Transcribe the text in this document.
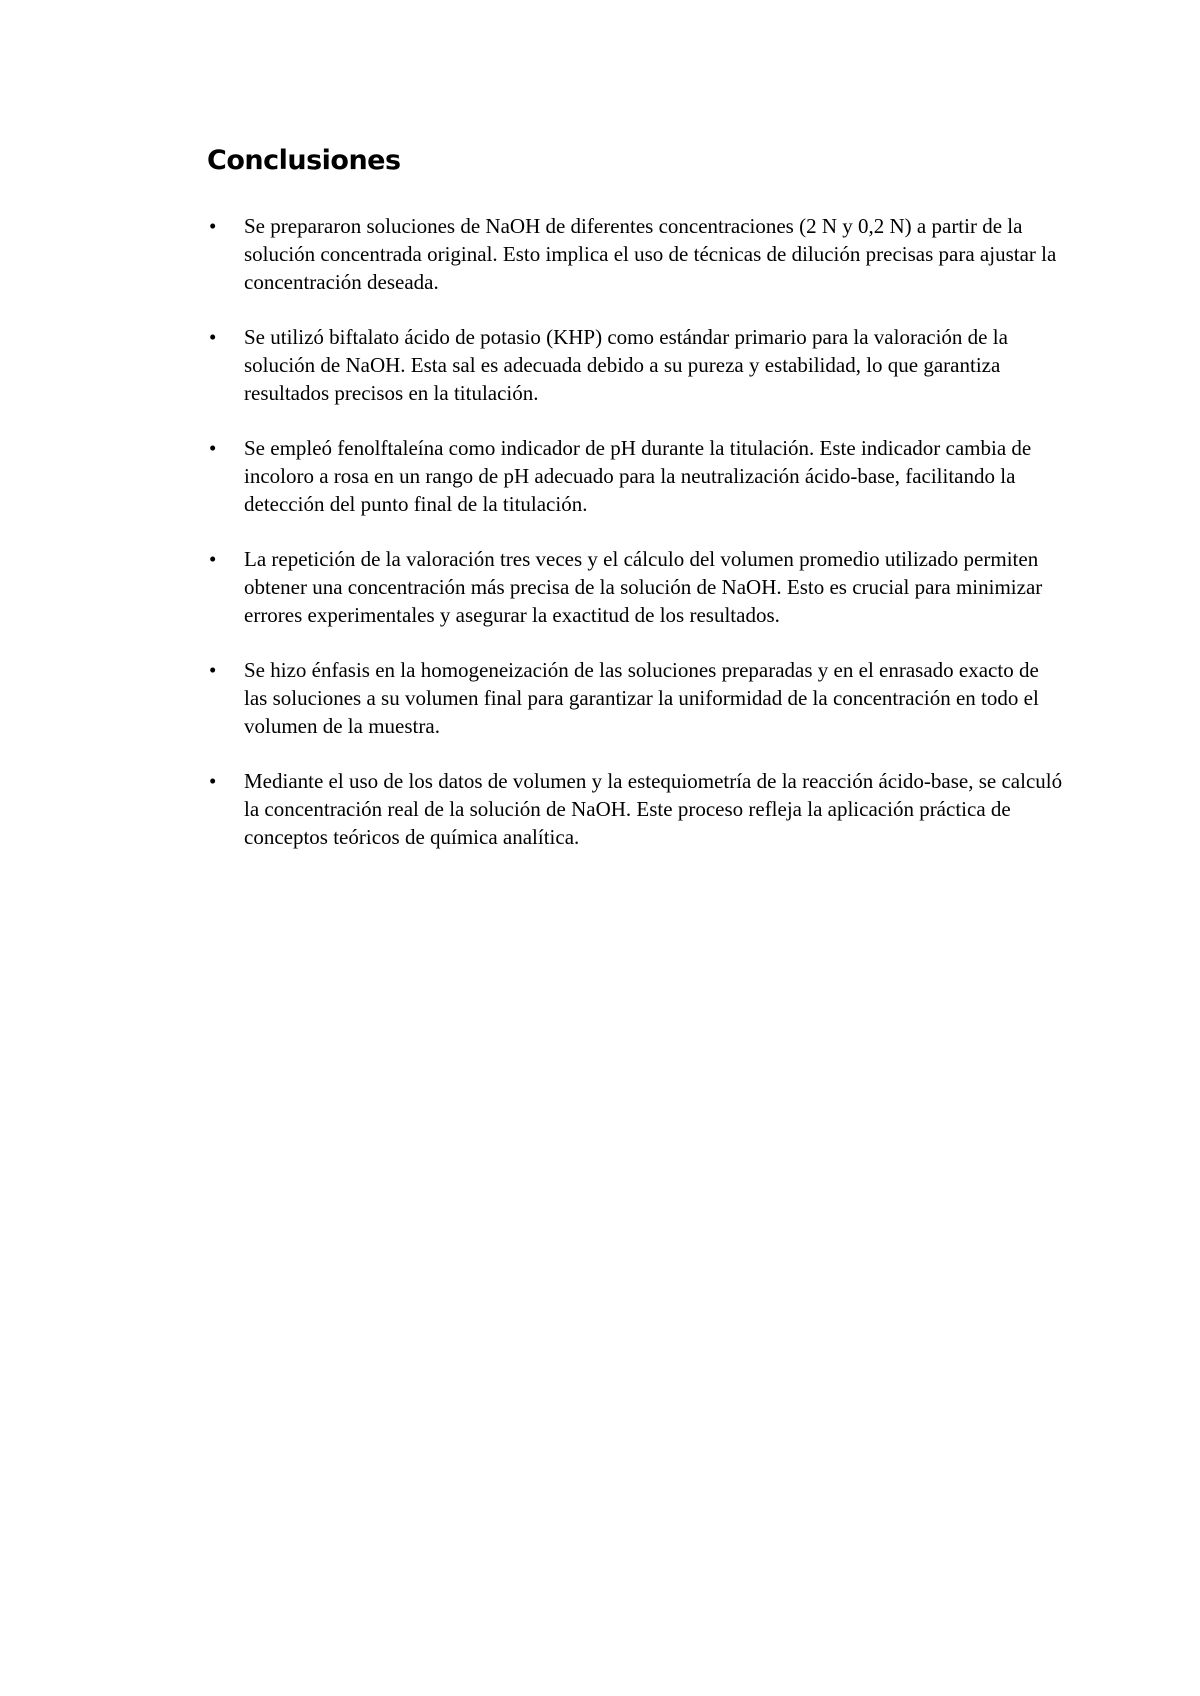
Conclusiones
• Se prepararon soluciones de NaOH de diferentes concentraciones (2 N y 0,2 N) a partir de la solución concentrada original. Esto implica el uso de técnicas de dilución precisas para ajustar la concentración deseada.
• Se utilizó biftalato ácido de potasio (KHP) como estándar primario para la valoración de la solución de NaOH. Esta sal es adecuada debido a su pureza y estabilidad, lo que garantiza resultados precisos en la titulación.
• Se empleó fenolftaleína como indicador de pH durante la titulación. Este indicador cambia de incoloro a rosa en un rango de pH adecuado para la neutralización ácido-base, facilitando la detección del punto final de la titulación.
• La repetición de la valoración tres veces y el cálculo del volumen promedio utilizado permiten obtener una concentración más precisa de la solución de NaOH. Esto es crucial para minimizar errores experimentales y asegurar la exactitud de los resultados.
• Se hizo énfasis en la homogeneización de las soluciones preparadas y en el enrasado exacto de las soluciones a su volumen final para garantizar la uniformidad de la concentración en todo el volumen de la muestra.
• Mediante el uso de los datos de volumen y la estequiometría de la reacción ácido-base, se calculó la concentración real de la solución de NaOH. Este proceso refleja la aplicación práctica de conceptos teóricos de química analítica.
